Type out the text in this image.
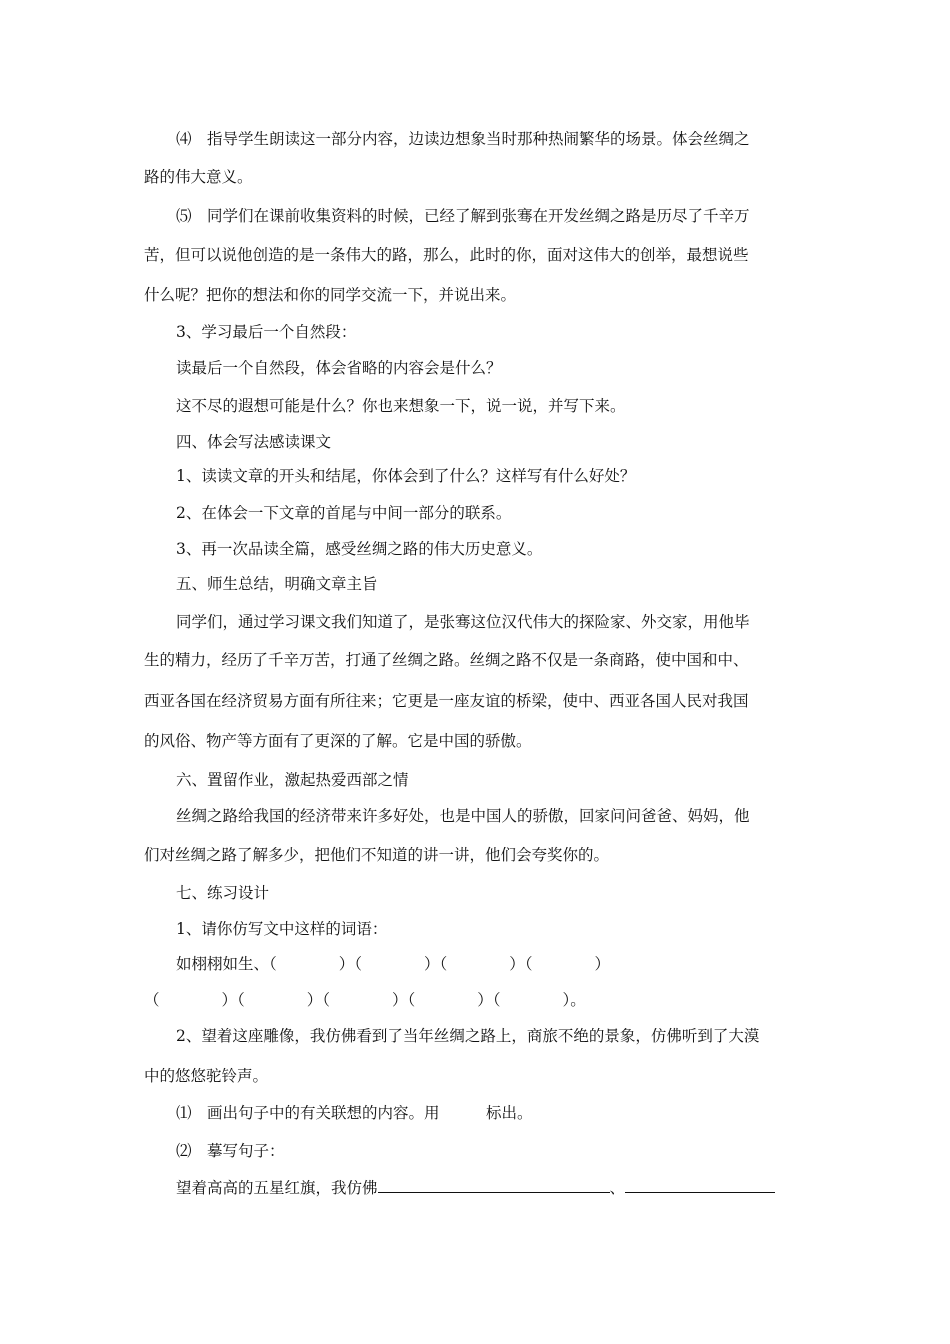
⑷　指导学生朗读这一部分内容，边读边想象当时那种热闹繁华的场景。体会丝绸之

路的伟大意义。

⑸　同学们在课前收集资料的时候，已经了解到张骞在开发丝绸之路是历尽了千辛万

苦，但可以说他创造的是一条伟大的路，那么，此时的你，面对这伟大的创举，最想说些

什么呢？把你的想法和你的同学交流一下，并说出来。

3、学习最后一个自然段：

读最后一个自然段，体会省略的内容会是什么？

这不尽的遐想可能是什么？你也来想象一下，说一说，并写下来。

四、体会写法感读课文

1、读读文章的开头和结尾，你体会到了什么？这样写有什么好处？

2、在体会一下文章的首尾与中间一部分的联系。

3、再一次品读全篇，感受丝绸之路的伟大历史意义。

五、师生总结，明确文章主旨

同学们，通过学习课文我们知道了，是张骞这位汉代伟大的探险家、外交家，用他毕

生的精力，经历了千辛万苦，打通了丝绸之路。丝绸之路不仅是一条商路，使中国和中、

西亚各国在经济贸易方面有所往来；它更是一座友谊的桥梁，使中、西亚各国人民对我国

的风俗、物产等方面有了更深的了解。它是中国的骄傲。

六、置留作业，激起热爱西部之情

丝绸之路给我国的经济带来许多好处，也是中国人的骄傲，回家问问爸爸、妈妈，他

们对丝绸之路了解多少，把他们不知道的讲一讲，他们会夸奖你的。

七、练习设计

1、请你仿写文中这样的词语：

如栩栩如生、（　　　　）（　　　　）（　　　　）（　　　　）

（　　　　）（　　　　）（　　　　）（　　　　）（　　　　）。

2、望着这座雕像，我仿佛看到了当年丝绸之路上，商旅不绝的景象，仿佛听到了大漠

中的悠悠驼铃声。

⑴　画出句子中的有关联想的内容。用　　　标出。

⑵　摹写句子：

望着高高的五星红旗，我仿佛	、
